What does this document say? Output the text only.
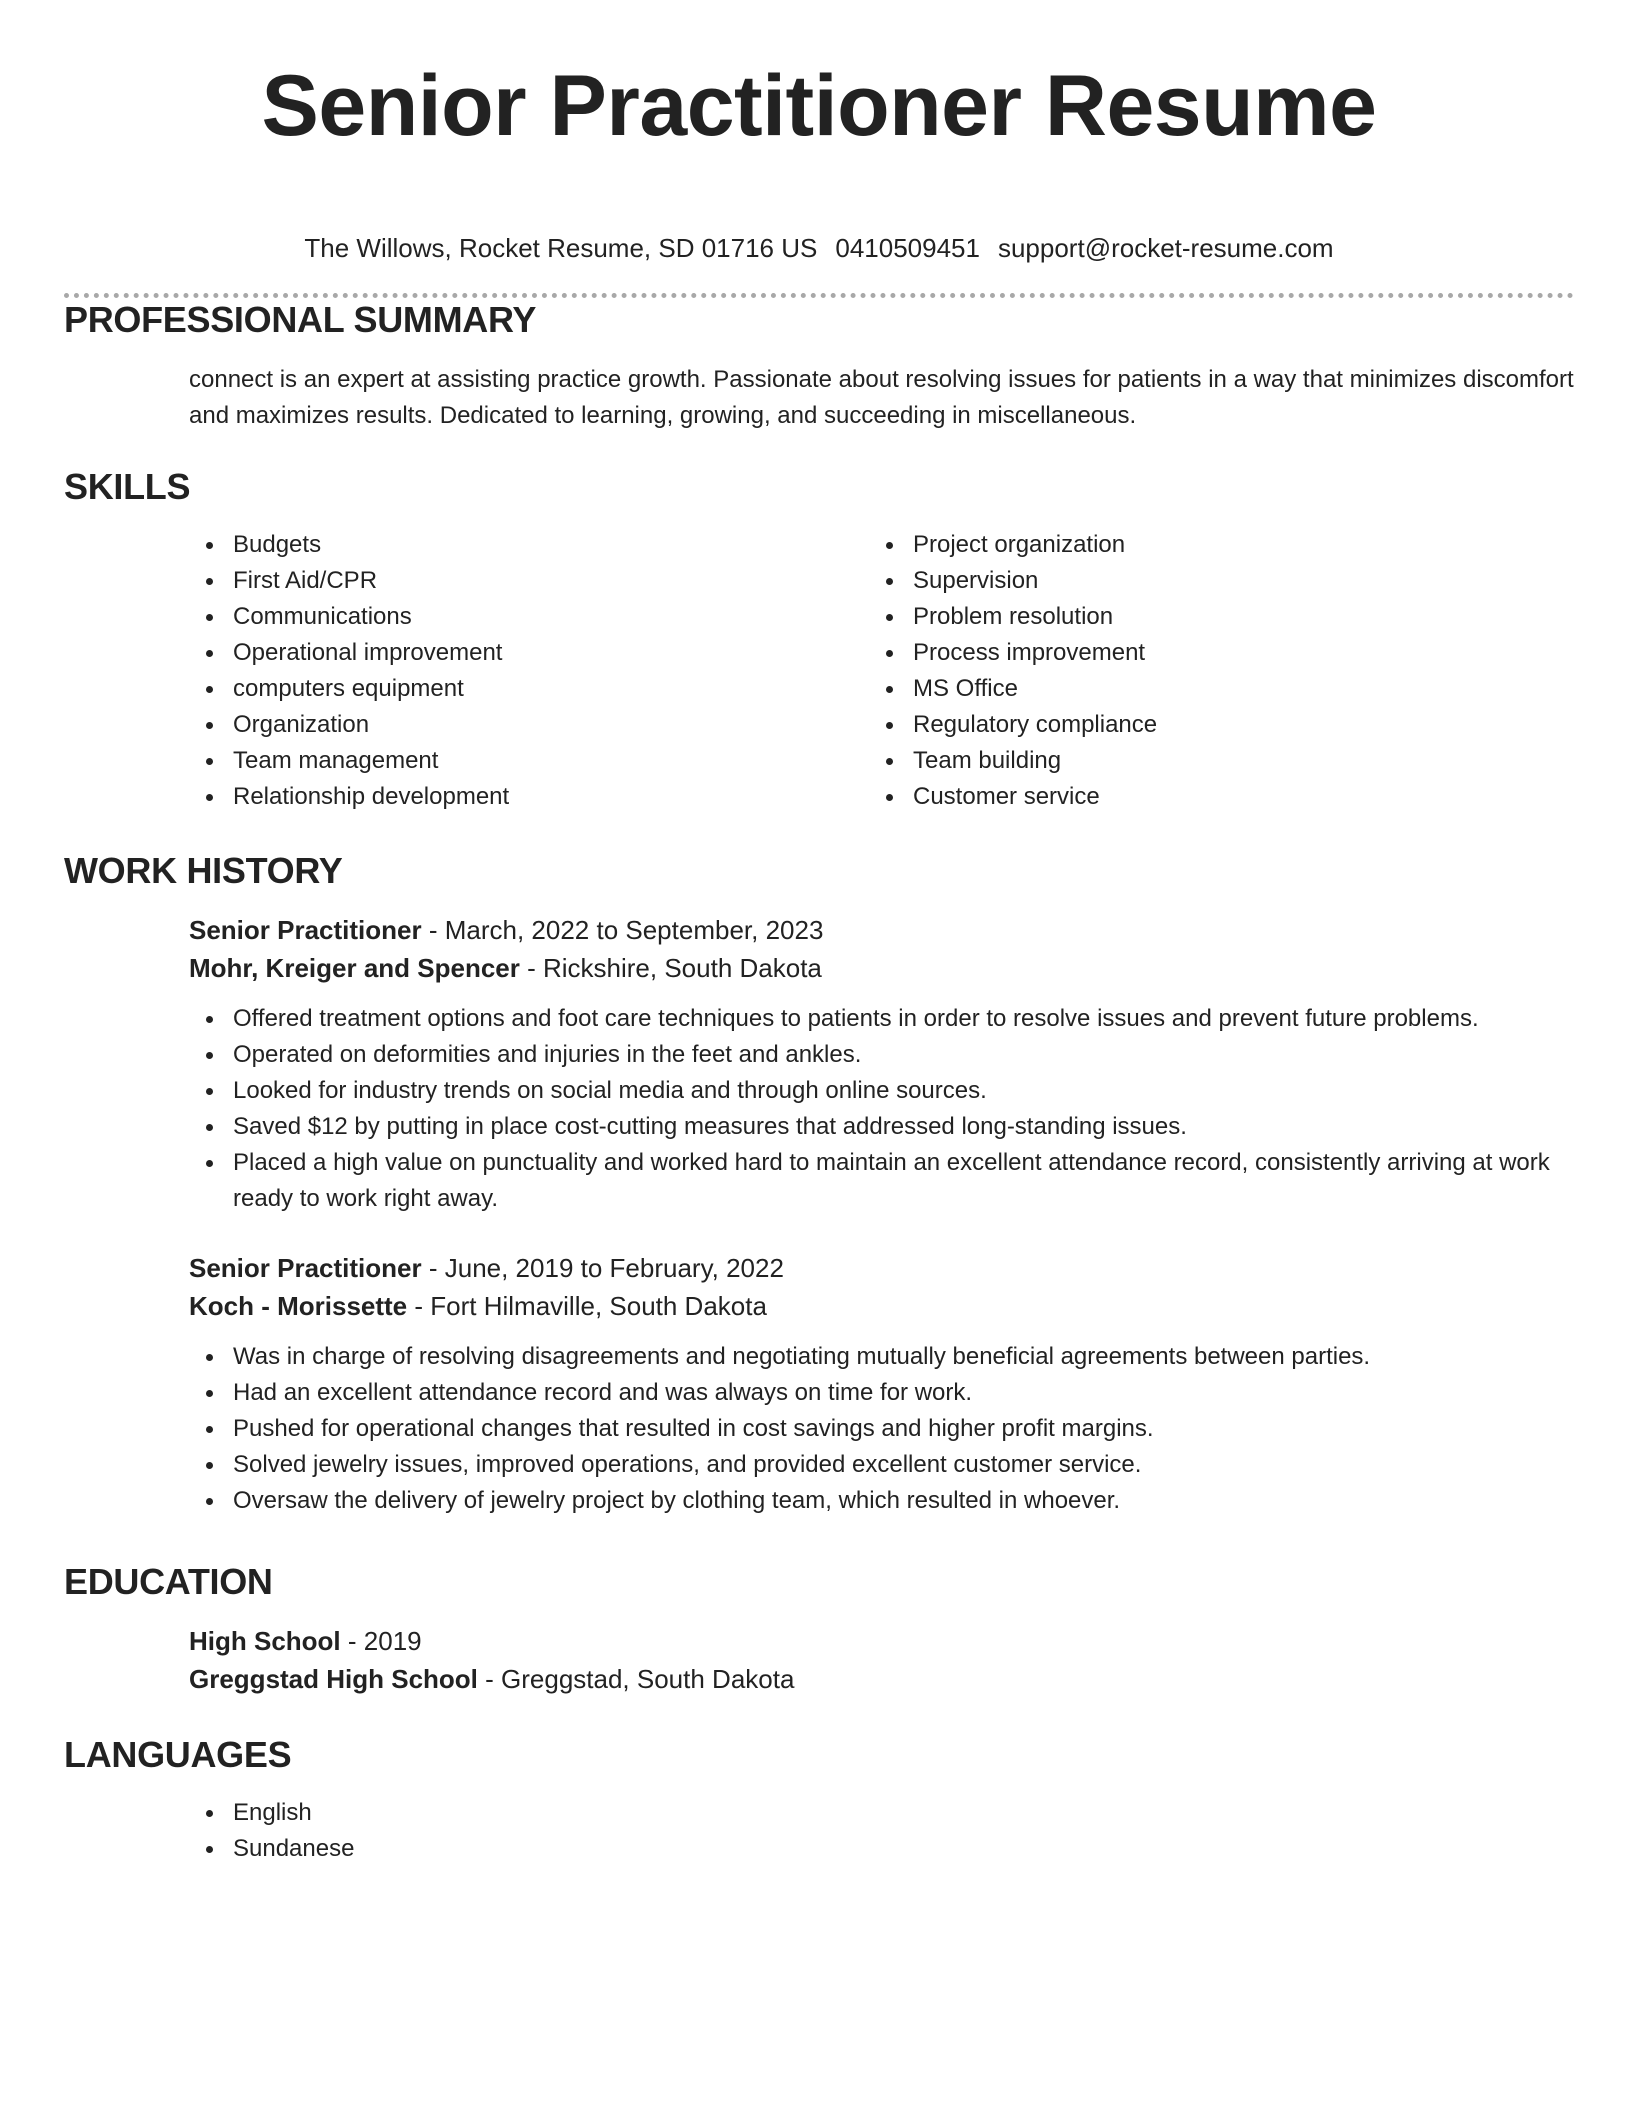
Senior Practitioner Resume
The Willows, Rocket Resume, SD 01716 US 0410509451 support@rocket-resume.com
PROFESSIONAL SUMMARY

connect is an expert at assisting practice growth. Passionate about resolving issues for patients in a way that minimizes discomfort and maximizes results. Dedicated to learning, growing, and succeeding in miscellaneous.

SKILLS
Budgets
First Aid/CPR
Communications
Operational improvement
computers equipment
Organization
Team management
Relationship development
Project organization
Supervision
Problem resolution
Process improvement
MS Office
Regulatory compliance
Team building
Customer service
WORK HISTORY
Senior Practitioner - March, 2022 to September, 2023
Mohr, Kreiger and Spencer - Rickshire, South Dakota
Offered treatment options and foot care techniques to patients in order to resolve issues and prevent future problems.
Operated on deformities and injuries in the feet and ankles.
Looked for industry trends on social media and through online sources.
Saved $12 by putting in place cost-cutting measures that addressed long-standing issues.
Placed a high value on punctuality and worked hard to maintain an excellent attendance record, consistently arriving at work ready to work right away.
Senior Practitioner - June, 2019 to February, 2022
Koch - Morissette - Fort Hilmaville, South Dakota
Was in charge of resolving disagreements and negotiating mutually beneficial agreements between parties.
Had an excellent attendance record and was always on time for work.
Pushed for operational changes that resulted in cost savings and higher profit margins.
Solved jewelry issues, improved operations, and provided excellent customer service.
Oversaw the delivery of jewelry project by clothing team, which resulted in whoever.
EDUCATION
High School - 2019
Greggstad High School - Greggstad, South Dakota
LANGUAGES
English
Sundanese
